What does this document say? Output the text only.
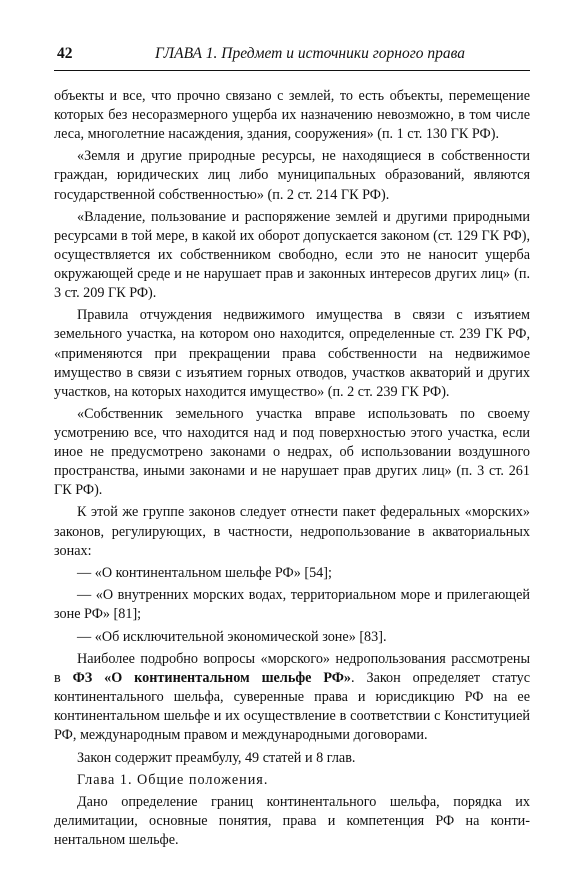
42	ГЛАВА 1. Предмет и источники горного права

объекты и все, что прочно связано с землей, то есть объекты, перемещение которых без несоразмерного ущерба их назначению невозможно, в том числе леса, многолетние насаждения, здания, сооружения» (п. 1 ст. 130 ГК РФ).

«Земля и другие природные ресурсы, не находящиеся в собственности граждан, юридических лиц либо муниципальных образований, являются государственной собственностью» (п. 2 ст. 214 ГК РФ).

«Владение, пользование и распоряжение землей и другими природными ресурсами в той мере, в какой их оборот допускается законом (ст. 129 ГК РФ), осуществляется их собственником свободно, если это не наносит ущерба окружающей среде и не нарушает прав и законных интересов других лиц» (п. 3 ст. 209 ГК РФ).

Правила отчуждения недвижимого имущества в связи с изъятием земельного участка, на котором оно находится, определенные ст. 239 ГК РФ, «применяются при прекращении права собственности на недвижимое имущество в связи с изъятием горных отводов, участков акваторий и других участков, на которых находится имущество» (п. 2 ст. 239 ГК РФ).

«Собственник земельного участка вправе использовать по своему усмотрению все, что находится над и под поверхностью этого участка, если иное не предусмотрено законами о недрах, об использовании воздушного пространства, иными законами и не нарушает прав других лиц» (п. 3 ст. 261 ГК РФ).

К этой же группе законов следует отнести пакет федеральных «морских» законов, регулирующих, в частности, недропользование в акваториальных зонах:

— «О континентальном шельфе РФ» [54];

— «О внутренних морских водах, территориальном море и прилегающей зоне РФ» [81];

— «Об исключительной экономической зоне» [83].

Наиболее подробно вопросы «морского» недропользования рассмотрены в ФЗ «О континентальном шельфе РФ». Закон определяет статус континентального шельфа, суверенные права и юрисдикцию РФ на ее континентальном шельфе и их осуществление в соответствии с Конституцией РФ, международным правом и международными договорами.

Закон содержит преамбулу, 49 статей и 8 глав.

Глава 1. Общие положения.

Дано определение границ континентального шельфа, порядка их делимитации, основные понятия, права и компетенция РФ на континентальном шельфе.
